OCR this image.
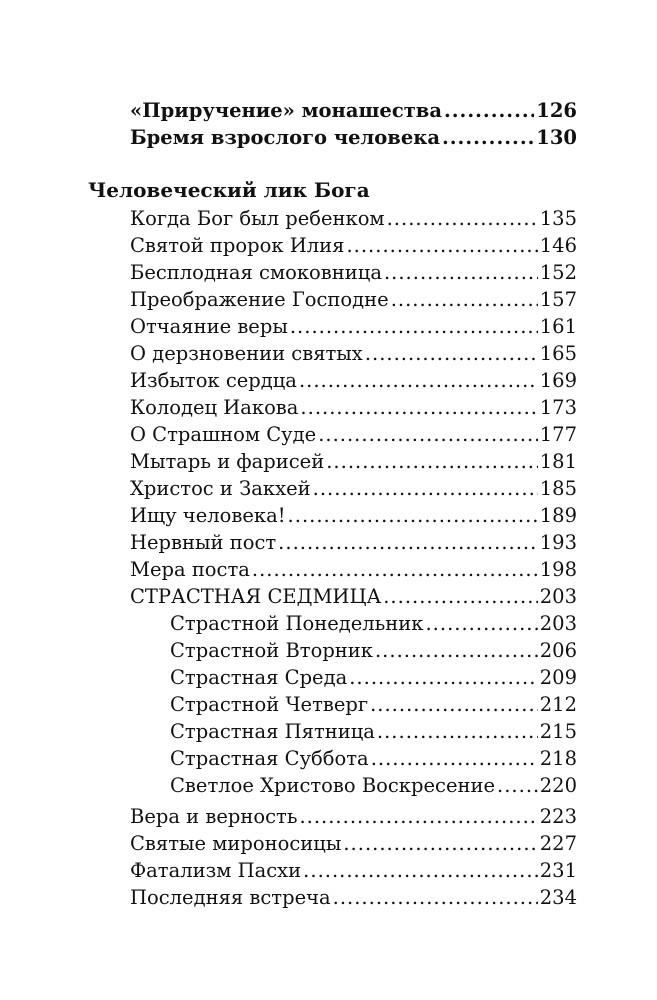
«Приручение» монашества .....	126
Бремя взрослого человека .....	130
Человеческий лик Бога
Когда Бог был ребенком .....	135
Святой пророк Илия .....	146
Бесплодная смоковница .....	152
Преображение Господне .....	157
Отчаяние веры .....	161
О дерзновении святых .....	165
Избыток сердца .....	169
Колодец Иакова .....	173
О Страшном Суде .....	177
Мытарь и фарисей .....	181
Христос и Закхей .....	185
Ищу человека! .....	189
Нервный пост .....	193
Мера поста .....	198
СТРАСТНАЯ СЕДМИЦА .....	203
Страстной Понедельник .....	203
Страстной Вторник .....	206
Страстная Среда .....	209
Страстной Четверг .....	212
Страстная Пятница .....	215
Страстная Суббота .....	218
Светлое Христово Воскресение ..... 220
Вера и верность .....	223
Святые мироносицы .....	227
Фатализм Пасхи .....	231
Последняя встреча .....	234
